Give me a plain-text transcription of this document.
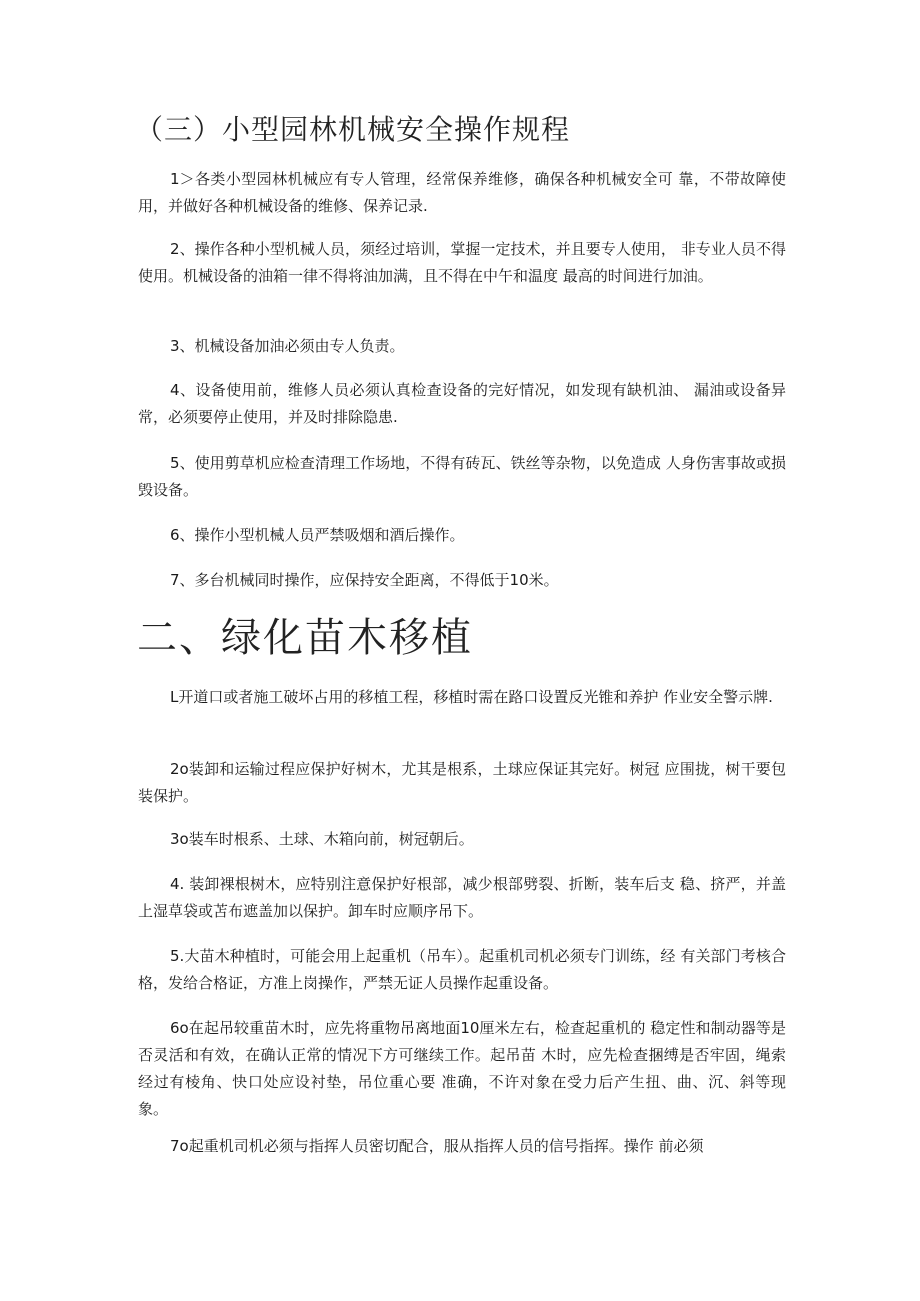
（三）小型园林机械安全操作规程

1＞各类小型园林机械应有专人管理，经常保养维修，确保各种机械安全可 靠，不带故障使用，并做好各种机械设备的维修、保养记录.

2、操作各种小型机械人员，须经过培训，掌握一定技术，并且要专人使用， 非专业人员不得使用。机械设备的油箱一律不得将油加满，且不得在中午和温度 最高的时间进行加油。

3、机械设备加油必须由专人负责。

4、设备使用前，维修人员必须认真检查设备的完好情况，如发现有缺机油、 漏油或设备异常，必须要停止使用，并及时排除隐患.

5、使用剪草机应检查清理工作场地，不得有砖瓦、铁丝等杂物，以免造成 人身伤害事故或损毁设备。

6、操作小型机械人员严禁吸烟和酒后操作。

7、多台机械同时操作，应保持安全距离，不得低于10米。

二、绿化苗木移植

L开道口或者施工破坏占用的移植工程，移植时需在路口设置反光锥和养护 作业安全警示牌.

2o装卸和运输过程应保护好树木，尤其是根系，土球应保证其完好。树冠 应围拢，树干要包装保护。

3o装车时根系、土球、木箱向前，树冠朝后。

4. 装卸裸根树木，应特别注意保护好根部，减少根部劈裂、折断，装车后支 稳、挤严，并盖上湿草袋或苫布遮盖加以保护。卸车时应顺序吊下。

5.大苗木种植时，可能会用上起重机（吊车）。起重机司机必须专门训练，经 有关部门考核合格，发给合格证，方准上岗操作，严禁无证人员操作起重设备。

6o在起吊较重苗木时，应先将重物吊离地面10厘米左右，检查起重机的 稳定性和制动器等是否灵活和有效，在确认正常的情况下方可继续工作。起吊苗 木时，应先检查捆缚是否牢固，绳索经过有棱角、快口处应设衬垫，吊位重心要 准确，不许对象在受力后产生扭、曲、沉、斜等现象。

7o起重机司机必须与指挥人员密切配合，服从指挥人员的信号指挥。操作 前必须
